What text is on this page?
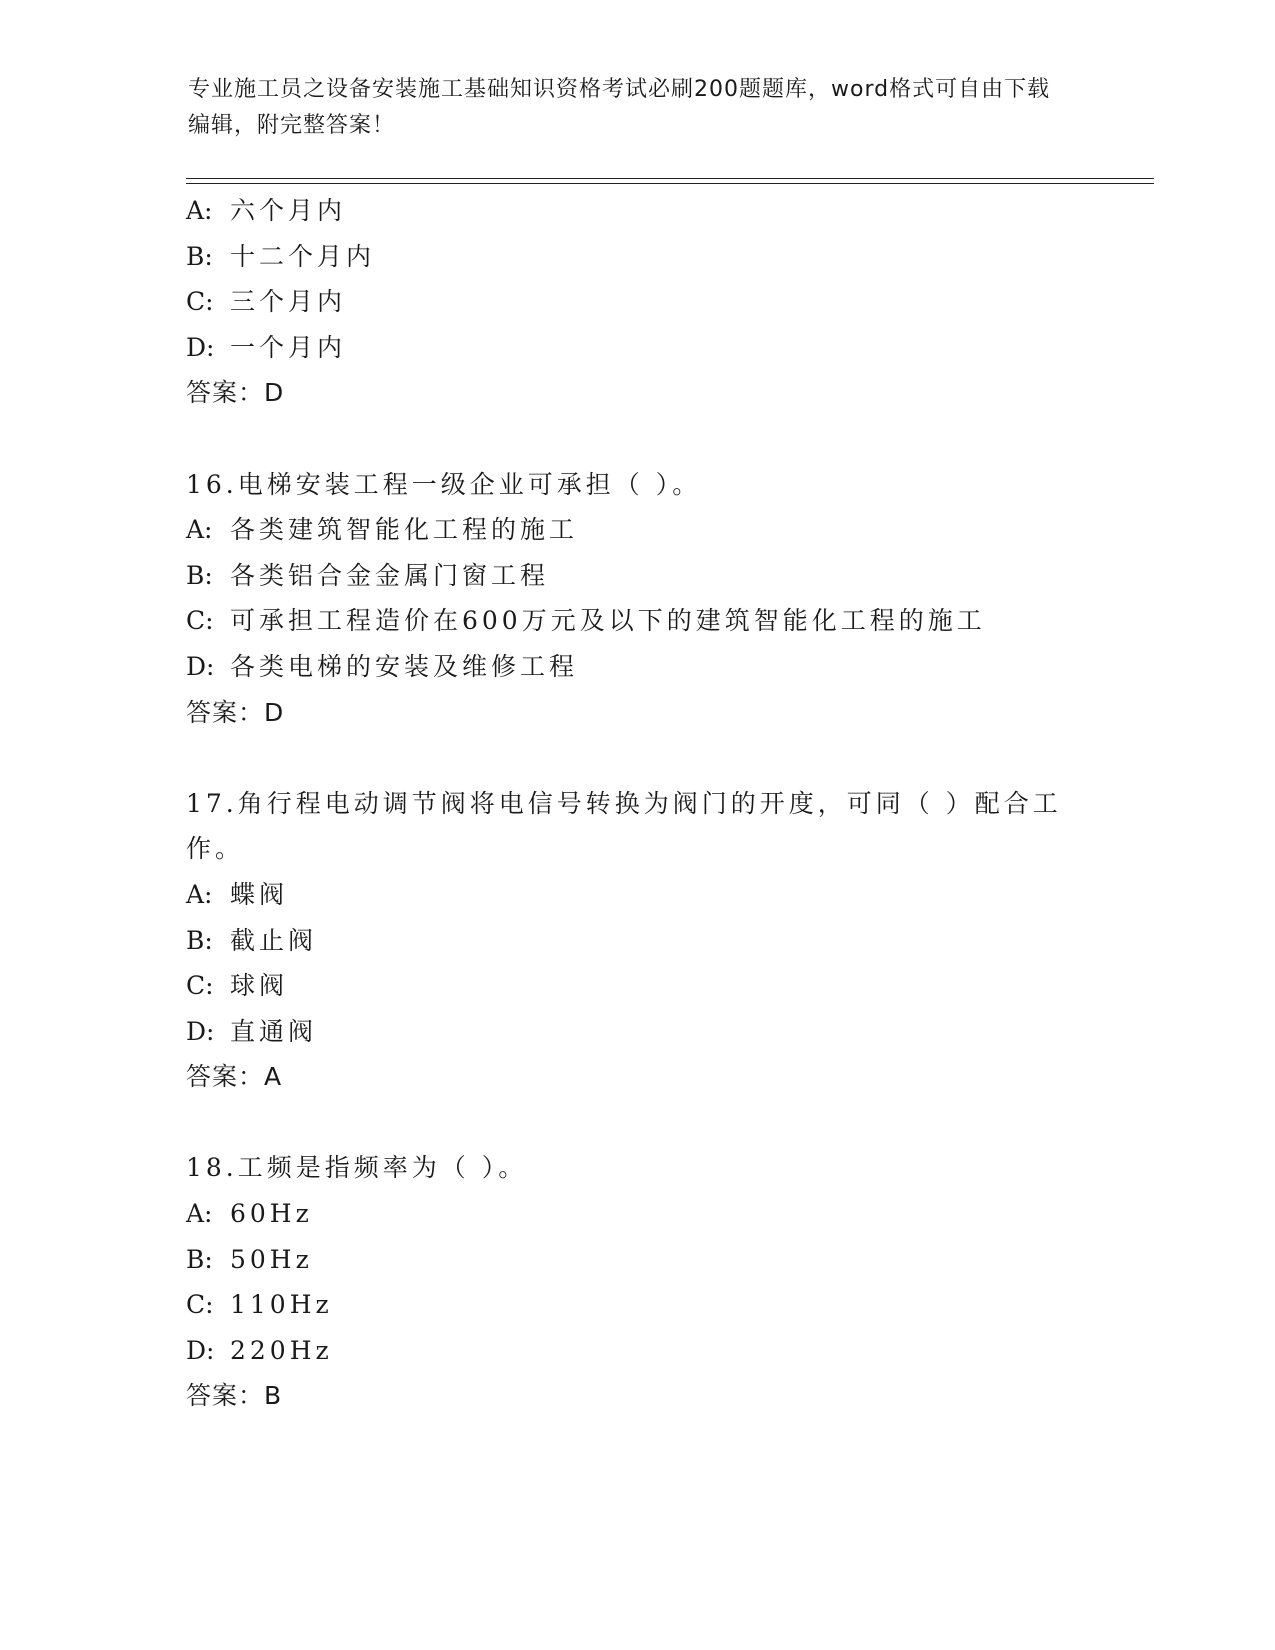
专业施工员之设备安装施工基础知识资格考试必刷200题题库，word格式可自由下载编辑，附完整答案！
A: 六个月内
B: 十二个月内
C: 三个月内
D: 一个月内
答案：D
16.电梯安装工程一级企业可承担（ ）。
A: 各类建筑智能化工程的施工
B: 各类铝合金金属门窗工程
C: 可承担工程造价在600万元及以下的建筑智能化工程的施工
D: 各类电梯的安装及维修工程
答案：D
17.角行程电动调节阀将电信号转换为阀门的开度，可同（ ）配合工作。
A: 蝶阀
B: 截止阀
C: 球阀
D: 直通阀
答案：A
18.工频是指频率为（ ）。
A: 60Hz
B: 50Hz
C: 110Hz
D: 220Hz
答案：B
